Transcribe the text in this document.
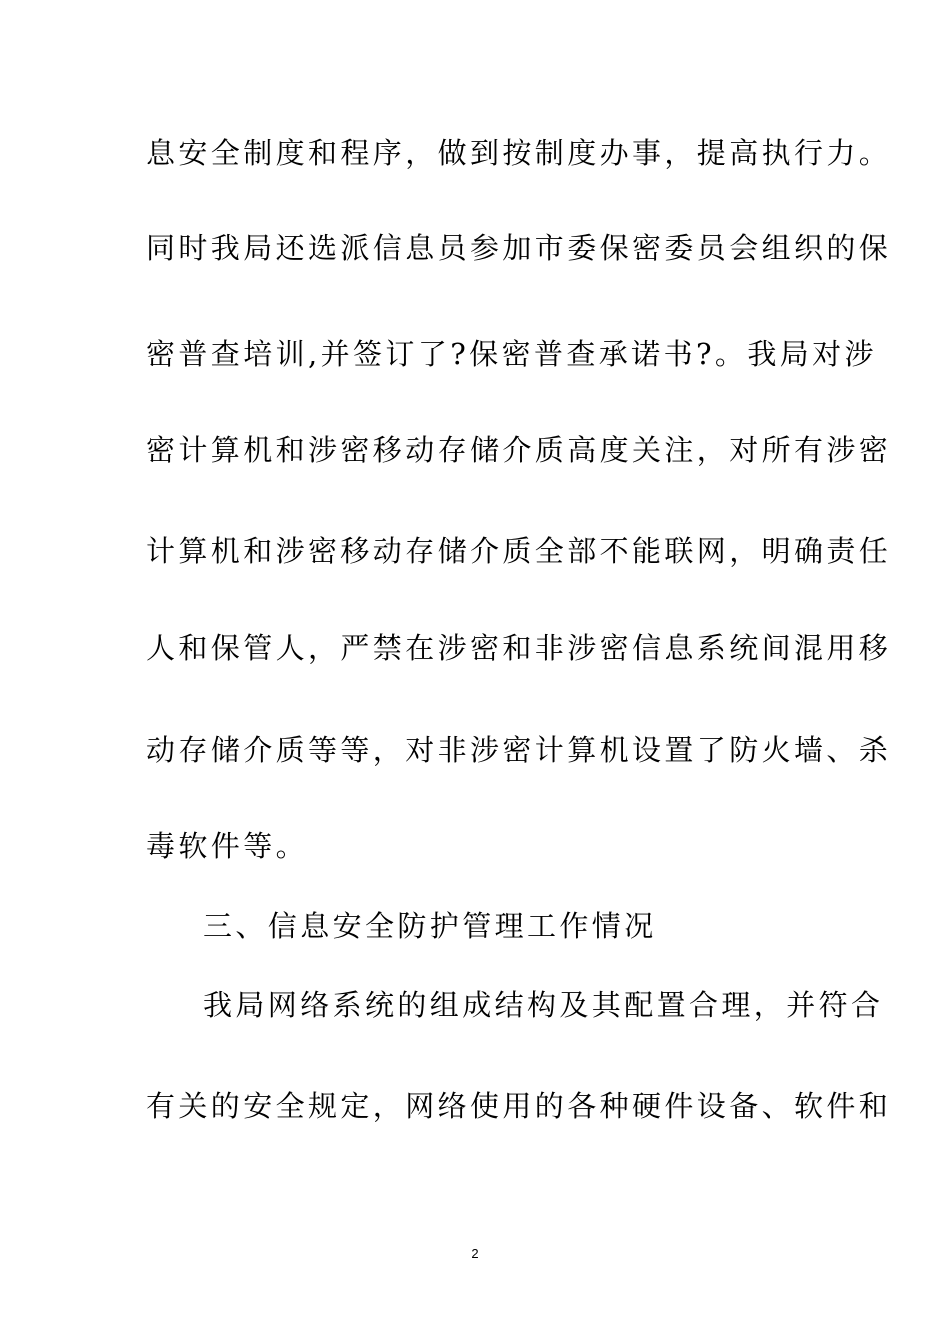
息安全制度和程序，做到按制度办事，提高执行力。
同时我局还选派信息员参加市委保密委员会组织的保
密普查培训,并签订了?保密普查承诺书?。我局对涉
密计算机和涉密移动存储介质高度关注，对所有涉密
计算机和涉密移动存储介质全部不能联网，明确责任
人和保管人，严禁在涉密和非涉密信息系统间混用移
动存储介质等等，对非涉密计算机设置了防火墙、杀
毒软件等。
三、信息安全防护管理工作情况
我局网络系统的组成结构及其配置合理，并符合
有关的安全规定，网络使用的各种硬件设备、软件和
2
